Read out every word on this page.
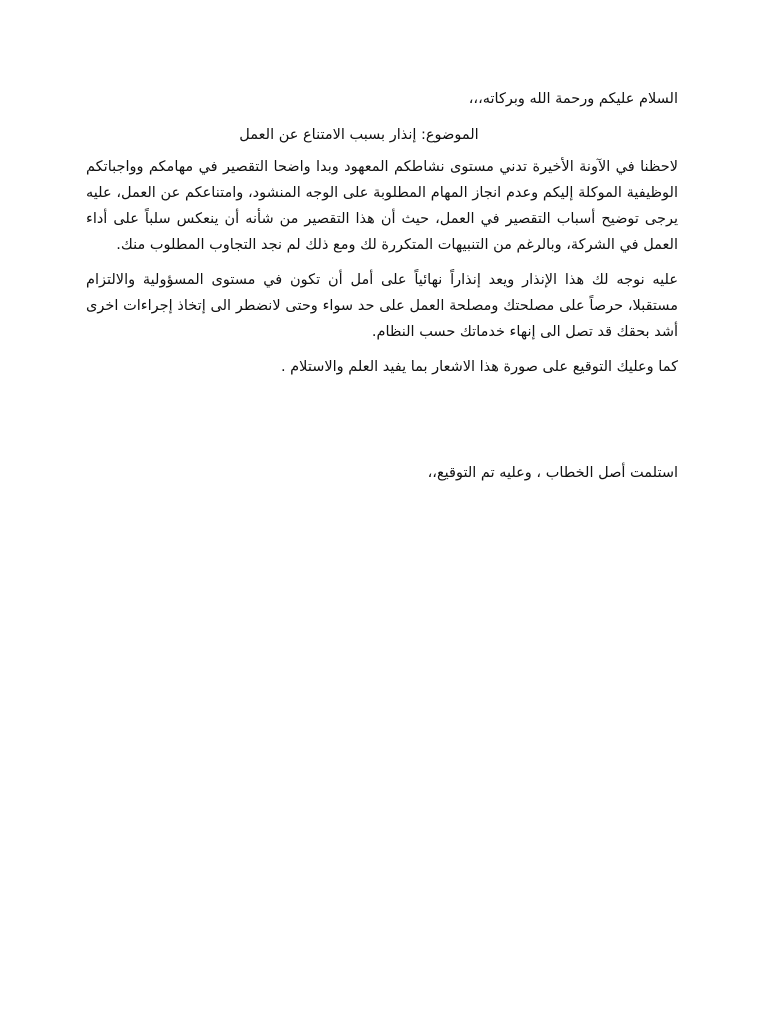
السلام عليكم ورحمة الله وبركاته،،،

الموضوع: إنذار بسبب الامتناع عن العمل

لاحظنا في الآونة الأخيرة تدني مستوى نشاطكم المعهود وبدا واضحا التقصير في مهامكم وواجباتكم الوظيفية الموكلة إليكم وعدم انجاز المهام المطلوبة على الوجه المنشود، وامتناعكم عن العمل، عليه يرجى توضيح أسباب التقصير في العمل، حيث أن هذا التقصير من شأنه أن ينعكس سلباً على أداء العمل في الشركة، وبالرغم من التنبيهات المتكررة لك ومع ذلك لم نجد التجاوب المطلوب منك.

عليه نوجه لك هذا الإنذار ويعد إنذاراً نهائياً على أمل أن تكون في مستوى المسؤولية والالتزام مستقبلا، حرصاً على مصلحتك ومصلحة العمل على حد سواء وحتى لانضطر الى إتخاذ إجراءات اخرى أشد بحقك قد تصل الى إنهاء خدماتك حسب النظام.

كما وعليك التوقيع على صورة هذا الاشعار بما يفيد العلم والاستلام .

استلمت أصل الخطاب ، وعليه تم التوقيع،،
